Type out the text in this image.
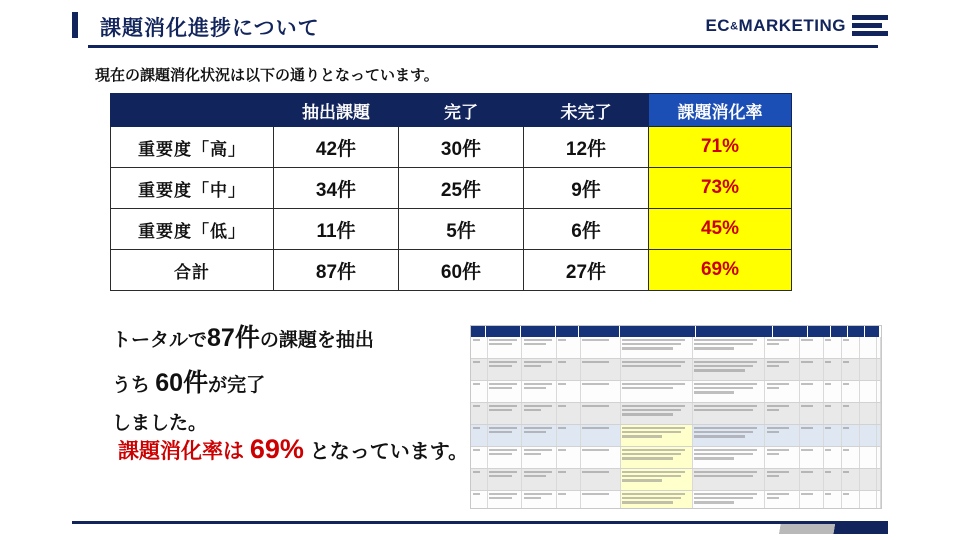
課題消化進捗について	EC&MARKETING
現在の課題消化状況は以下の通りとなっています。
	抽出課題	完了	未完了	課題消化率
重要度「高」	42件	30件	12件	71%
重要度「中」	34件	25件	9件	73%
重要度「低」	11件	5件	6件	45%
合計	87件	60件	27件	69%
トータルで87件の課題を抽出
うち 60件が完了
しました。
課題消化率は 69% となっています。
